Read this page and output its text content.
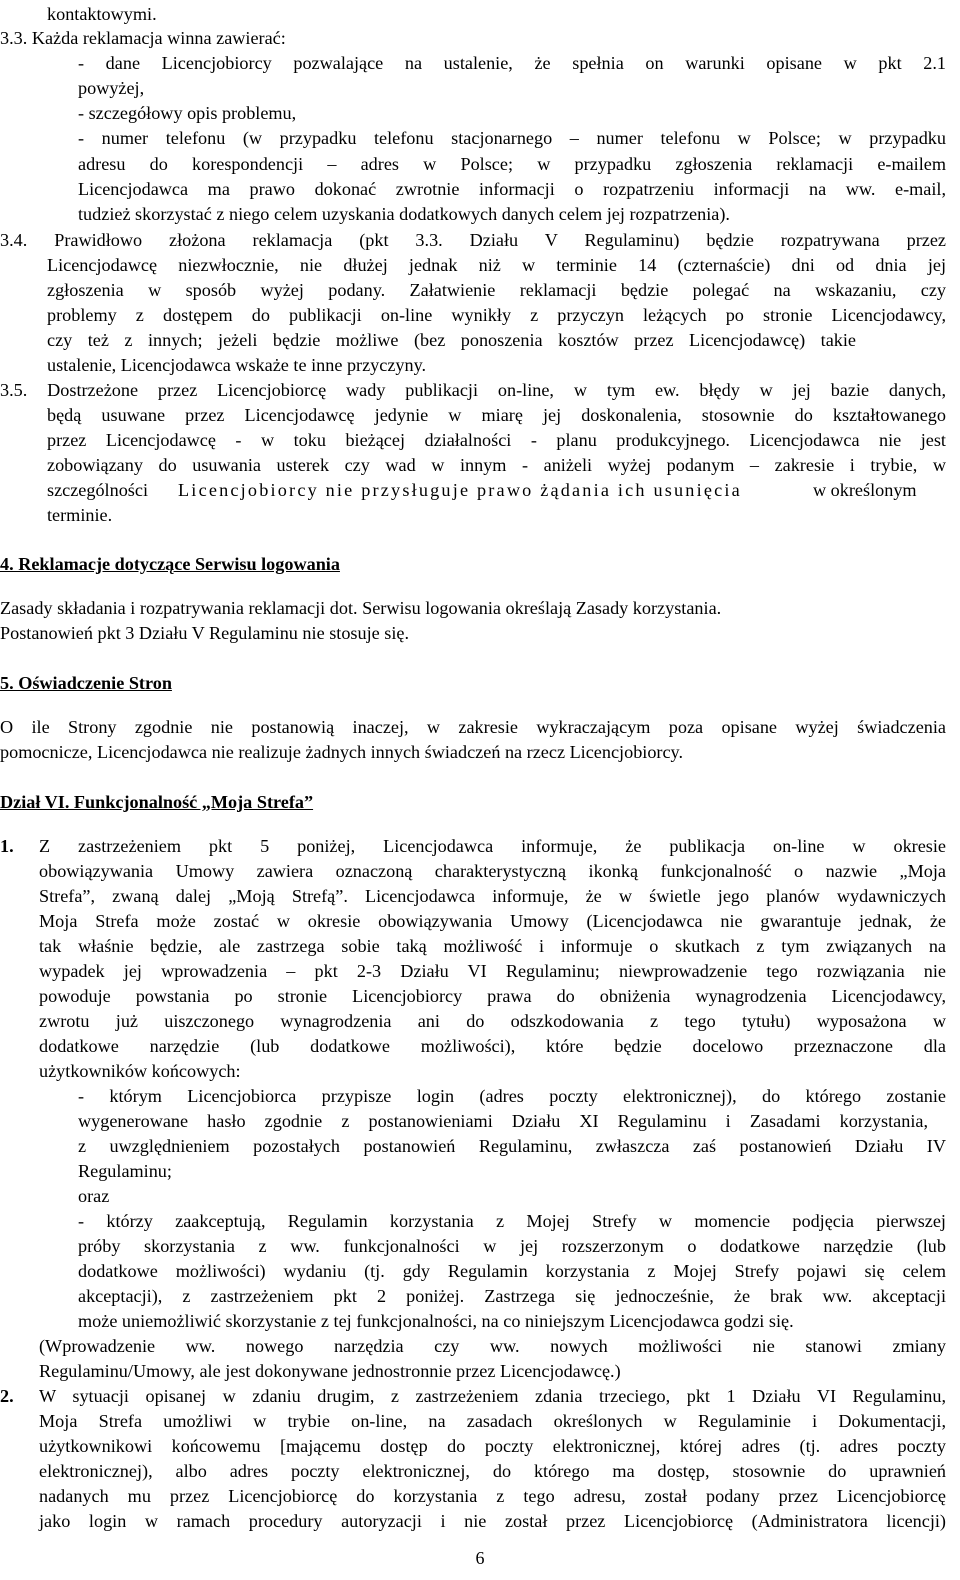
kontaktowymi.
3.3. Każda reklamacja winna zawierać:
- dane Licencjobiorcy pozwalające na ustalenie, że spełnia on warunki opisane w pkt 2.1
powyżej,
- szczegółowy opis problemu,
- numer telefonu (w przypadku telefonu stacjonarnego – numer telefonu w Polsce; w przypadku
adresu do korespondencji – adres w Polsce; w przypadku zgłoszenia reklamacji e-mailem
Licencjodawca ma prawo dokonać zwrotnie informacji o rozpatrzeniu informacji na ww. e-mail,
tudzież skorzystać z niego celem uzyskania dodatkowych danych celem jej rozpatrzenia).
3.4. Prawidłowo złożona reklamacja (pkt 3.3. Działu V Regulaminu) będzie rozpatrywana przez
Licencjodawcę niezwłocznie, nie dłużej jednak niż w terminie 14 (czternaście) dni od dnia jej
zgłoszenia w sposób wyżej podany. Załatwienie reklamacji będzie polegać na wskazaniu, czy
problemy z dostępem do publikacji on-line wynikły z przyczyn leżących po stronie Licencjodawcy,
czy też z innych; jeżeli będzie możliwe (bez ponoszenia kosztów przez Licencjodawcę) takie
ustalenie, Licencjodawca wskaże te inne przyczyny.
3.5. Dostrzeżone przez Licencjobiorcę wady publikacji on-line, w tym ew. błędy w jej bazie danych,
będą usuwane przez Licencjodawcę jedynie w miarę jej doskonalenia, stosownie do kształtowanego
przez Licencjodawcę - w toku bieżącej działalności - planu produkcyjnego. Licencjodawca nie jest
zobowiązany do usuwania usterek czy wad w innym - aniżeli wyżej podanym – zakresie i trybie, w
szczególności Licencjobiorcy nie przysługuje prawo żądania ich usunięcia	w określonym
terminie.
4. Reklamacje dotyczące Serwisu logowania
Zasady składania i rozpatrywania reklamacji dot. Serwisu logowania określają Zasady korzystania.
Postanowień pkt 3 Działu V Regulaminu nie stosuje się.
5. Oświadczenie Stron
O ile Strony zgodnie nie postanowią inaczej, w zakresie wykraczającym poza opisane wyżej świadczenia
pomocnicze, Licencjodawca nie realizuje żadnych innych świadczeń na rzecz Licencjobiorcy.
Dział VI. Funkcjonalność „Moja Strefa”
1. Z zastrzeżeniem pkt 5 poniżej, Licencjodawca informuje, że publikacja on-line w okresie
obowiązywania Umowy zawiera oznaczoną charakterystyczną ikonką funkcjonalność o nazwie „Moja
Strefa”, zwaną dalej „Moją Strefą”. Licencjodawca informuje, że w świetle jego planów wydawniczych
Moja Strefa może zostać w okresie obowiązywania Umowy (Licencjodawca nie gwarantuje jednak, że
tak właśnie będzie, ale zastrzega sobie taką możliwość i informuje o skutkach z tym związanych na
wypadek jej wprowadzenia – pkt 2-3 Działu VI Regulaminu; niewprowadzenie tego rozwiązania nie
powoduje powstania po stronie Licencjobiorcy prawa do obniżenia wynagrodzenia Licencjodawcy,
zwrotu już uiszczonego wynagrodzenia ani do odszkodowania z tego tytułu) wyposażona w
dodatkowe narzędzie (lub dodatkowe możliwości), które będzie docelowo przeznaczone dla
użytkowników końcowych:
- którym Licencjobiorca przypisze login (adres poczty elektronicznej), do którego zostanie
wygenerowane hasło zgodnie z postanowieniami Działu XI Regulaminu i Zasadami korzystania,
z uwzględnieniem pozostałych postanowień Regulaminu, zwłaszcza zaś postanowień Działu IV
Regulaminu;
oraz
- którzy zaakceptują, Regulamin korzystania z Mojej Strefy w momencie podjęcia pierwszej
próby skorzystania z ww. funkcjonalności w jej rozszerzonym o dodatkowe narzędzie (lub
dodatkowe możliwości) wydaniu (tj. gdy Regulamin korzystania z Mojej Strefy pojawi się celem
akceptacji), z zastrzeżeniem pkt 2 poniżej. Zastrzega się jednocześnie, że brak ww. akceptacji
może uniemożliwić skorzystanie z tej funkcjonalności, na co niniejszym Licencjodawca godzi się.
(Wprowadzenie ww. nowego narzędzia czy ww. nowych możliwości nie stanowi zmiany
Regulaminu/Umowy, ale jest dokonywane jednostronnie przez Licencjodawcę.)
2. W sytuacji opisanej w zdaniu drugim, z zastrzeżeniem zdania trzeciego, pkt 1 Działu VI Regulaminu,
Moja Strefa umożliwi w trybie on-line, na zasadach określonych w Regulaminie i Dokumentacji,
użytkownikowi końcowemu [mającemu dostęp do poczty elektronicznej, której adres (tj. adres poczty
elektronicznej), albo adres poczty elektronicznej, do którego ma dostęp, stosownie do uprawnień
nadanych mu przez Licencjobiorcę do korzystania z tego adresu, został podany przez Licencjobiorcę
jako login w ramach procedury autoryzacji i nie został przez Licencjobiorcę (Administratora licencji)
6
